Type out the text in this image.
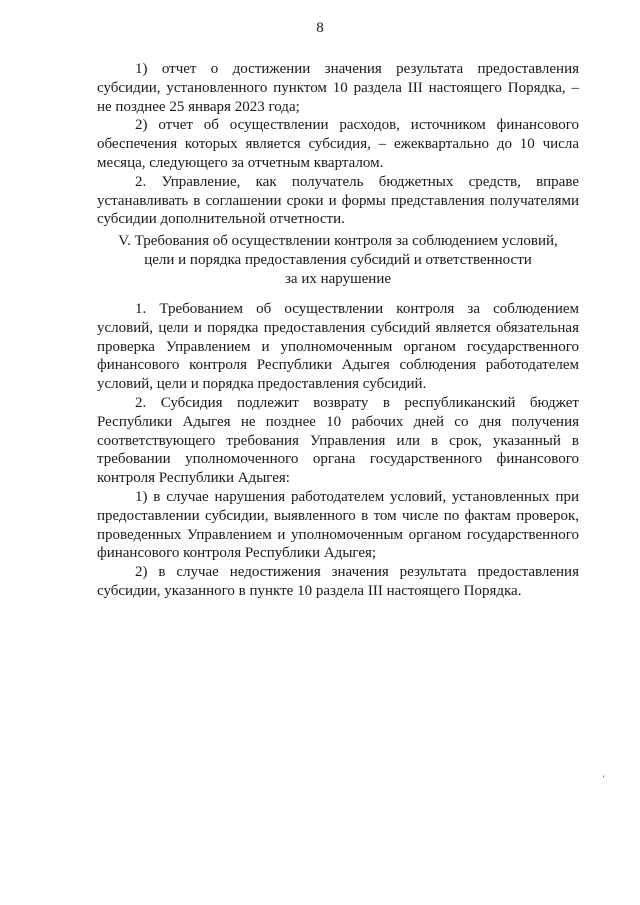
8

1) отчет о достижении значения результата предоставления субсидии, установленного пунктом 10 раздела III настоящего Порядка, – не позднее 25 января 2023 года;

2) отчет об осуществлении расходов, источником финансового обеспечения которых является субсидия, – ежеквартально до 10 числа месяца, следующего за отчетным кварталом.

2. Управление, как получатель бюджетных средств, вправе устанавливать в соглашении сроки и формы представления получателями субсидии дополнительной отчетности.

V. Требования об осуществлении контроля за соблюдением условий,
цели и порядка предоставления субсидий и ответственности
за их нарушение

1. Требованием об осуществлении контроля за соблюдением условий, цели и порядка предоставления субсидий является обязательная проверка Управлением и уполномоченным органом государственного финансового контроля Республики Адыгея соблюдения работодателем условий, цели и порядка предоставления субсидий.

2. Субсидия подлежит возврату в республиканский бюджет Республики Адыгея не позднее 10 рабочих дней со дня получения соответствующего требования Управления или в срок, указанный в требовании уполномоченного органа государственного финансового контроля Республики Адыгея:

1) в случае нарушения работодателем условий, установленных при предоставлении субсидии, выявленного в том числе по фактам проверок, проведенных Управлением и уполномоченным органом государственного финансового контроля Республики Адыгея;

2) в случае недостижения значения результата предоставления субсидии, указанного в пункте 10 раздела III настоящего Порядка.

’
